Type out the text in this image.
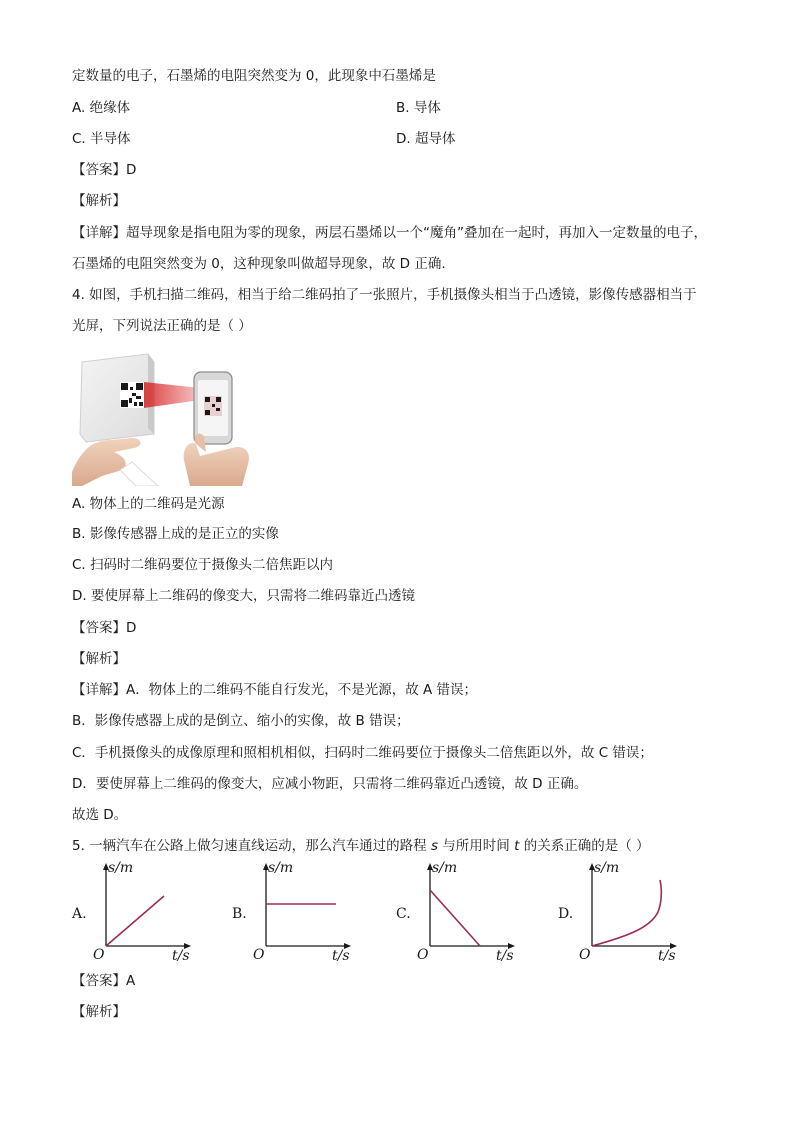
定数量的电子，石墨烯的电阻突然变为 0，此现象中石墨烯是
A. 绝缘体	B. 导体
C. 半导体	D. 超导体
【答案】D
【解析】
【详解】超导现象是指电阻为零的现象，两层石墨烯以一个“魔角”叠加在一起时，再加入一定数量的电子，
石墨烯的电阻突然变为 0，这种现象叫做超导现象，故 D 正确.
4. 如图，手机扫描二维码，相当于给二维码拍了一张照片，手机摄像头相当于凸透镜，影像传感器相当于
光屏，下列说法正确的是（ ）
A. 物体上的二维码是光源
B. 影像传感器上成的是正立的实像
C. 扫码时二维码要位于摄像头二倍焦距以内
D. 要使屏幕上二维码的像变大，只需将二维码靠近凸透镜
【答案】D
【解析】
【详解】A．物体上的二维码不能自行发光，不是光源，故 A 错误；
B．影像传感器上成的是倒立、缩小的实像，故 B 错误；
C．手机摄像头的成像原理和照相机相似，扫码时二维码要位于摄像头二倍焦距以外，故 C 错误；
D．要使屏幕上二维码的像变大，应减小物距，只需将二维码靠近凸透镜，故 D 正确。
故选 D。
5. 一辆汽车在公路上做匀速直线运动，那么汽车通过的路程 s 与所用时间 t 的关系正确的是（ ）
A.
s/m
O	t/s
B.
s/m
O	t/s
C.
s/m
O	t/s
D.
s/m
O	t/s
【答案】A
【解析】
